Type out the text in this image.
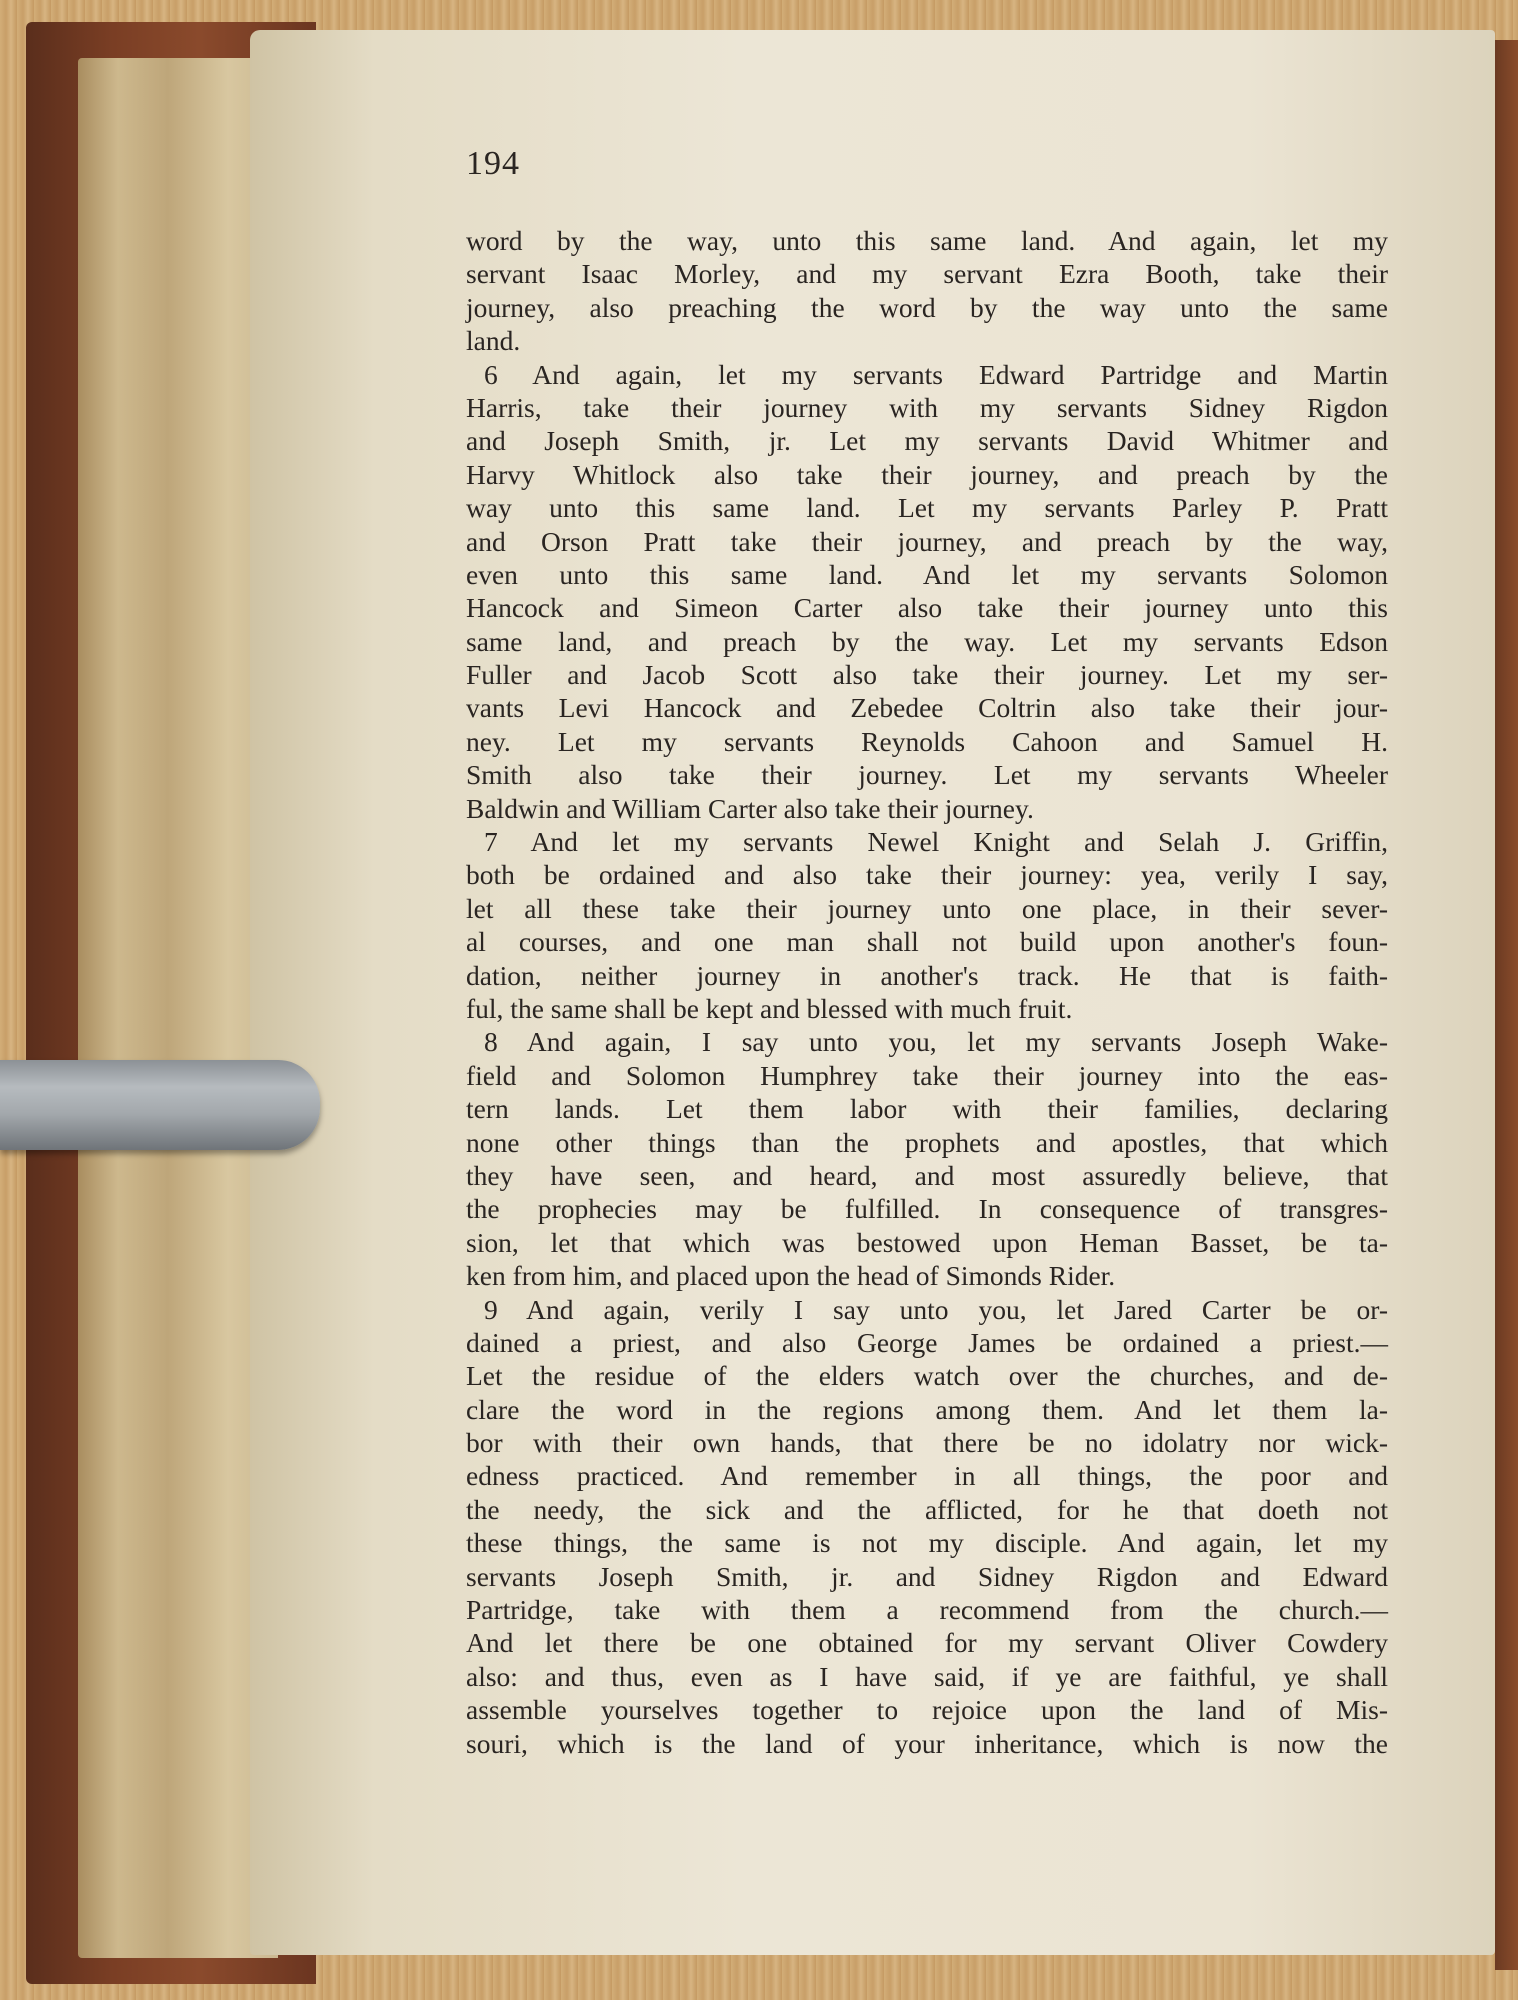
194
word by the way, unto this same land. And again, let my
servant Isaac Morley, and my servant Ezra Booth, take their
journey, also preaching the word by the way unto the same
land.
6 And again, let my servants Edward Partridge and Martin
Harris, take their journey with my servants Sidney Rigdon
and Joseph Smith, jr. Let my servants David Whitmer and
Harvy Whitlock also take their journey, and preach by the
way unto this same land. Let my servants Parley P. Pratt
and Orson Pratt take their journey, and preach by the way,
even unto this same land. And let my servants Solomon
Hancock and Simeon Carter also take their journey unto this
same land, and preach by the way. Let my servants Edson
Fuller and Jacob Scott also take their journey. Let my ser-
vants Levi Hancock and Zebedee Coltrin also take their jour-
ney. Let my servants Reynolds Cahoon and Samuel H.
Smith also take their journey. Let my servants Wheeler
Baldwin and William Carter also take their journey.
7 And let my servants Newel Knight and Selah J. Griffin,
both be ordained and also take their journey: yea, verily I say,
let all these take their journey unto one place, in their sever-
al courses, and one man shall not build upon another's foun-
dation, neither journey in another's track. He that is faith-
ful, the same shall be kept and blessed with much fruit.
8 And again, I say unto you, let my servants Joseph Wake-
field and Solomon Humphrey take their journey into the eas-
tern lands. Let them labor with their families, declaring
none other things than the prophets and apostles, that which
they have seen, and heard, and most assuredly believe, that
the prophecies may be fulfilled. In consequence of transgres-
sion, let that which was bestowed upon Heman Basset, be ta-
ken from him, and placed upon the head of Simonds Rider.
9 And again, verily I say unto you, let Jared Carter be or-
dained a priest, and also George James be ordained a priest.—
Let the residue of the elders watch over the churches, and de-
clare the word in the regions among them. And let them la-
bor with their own hands, that there be no idolatry nor wick-
edness practiced. And remember in all things, the poor and
the needy, the sick and the afflicted, for he that doeth not
these things, the same is not my disciple. And again, let my
servants Joseph Smith, jr. and Sidney Rigdon and Edward
Partridge, take with them a recommend from the church.—
And let there be one obtained for my servant Oliver Cowdery
also: and thus, even as I have said, if ye are faithful, ye shall
assemble yourselves together to rejoice upon the land of Mis-
souri, which is the land of your inheritance, which is now the
